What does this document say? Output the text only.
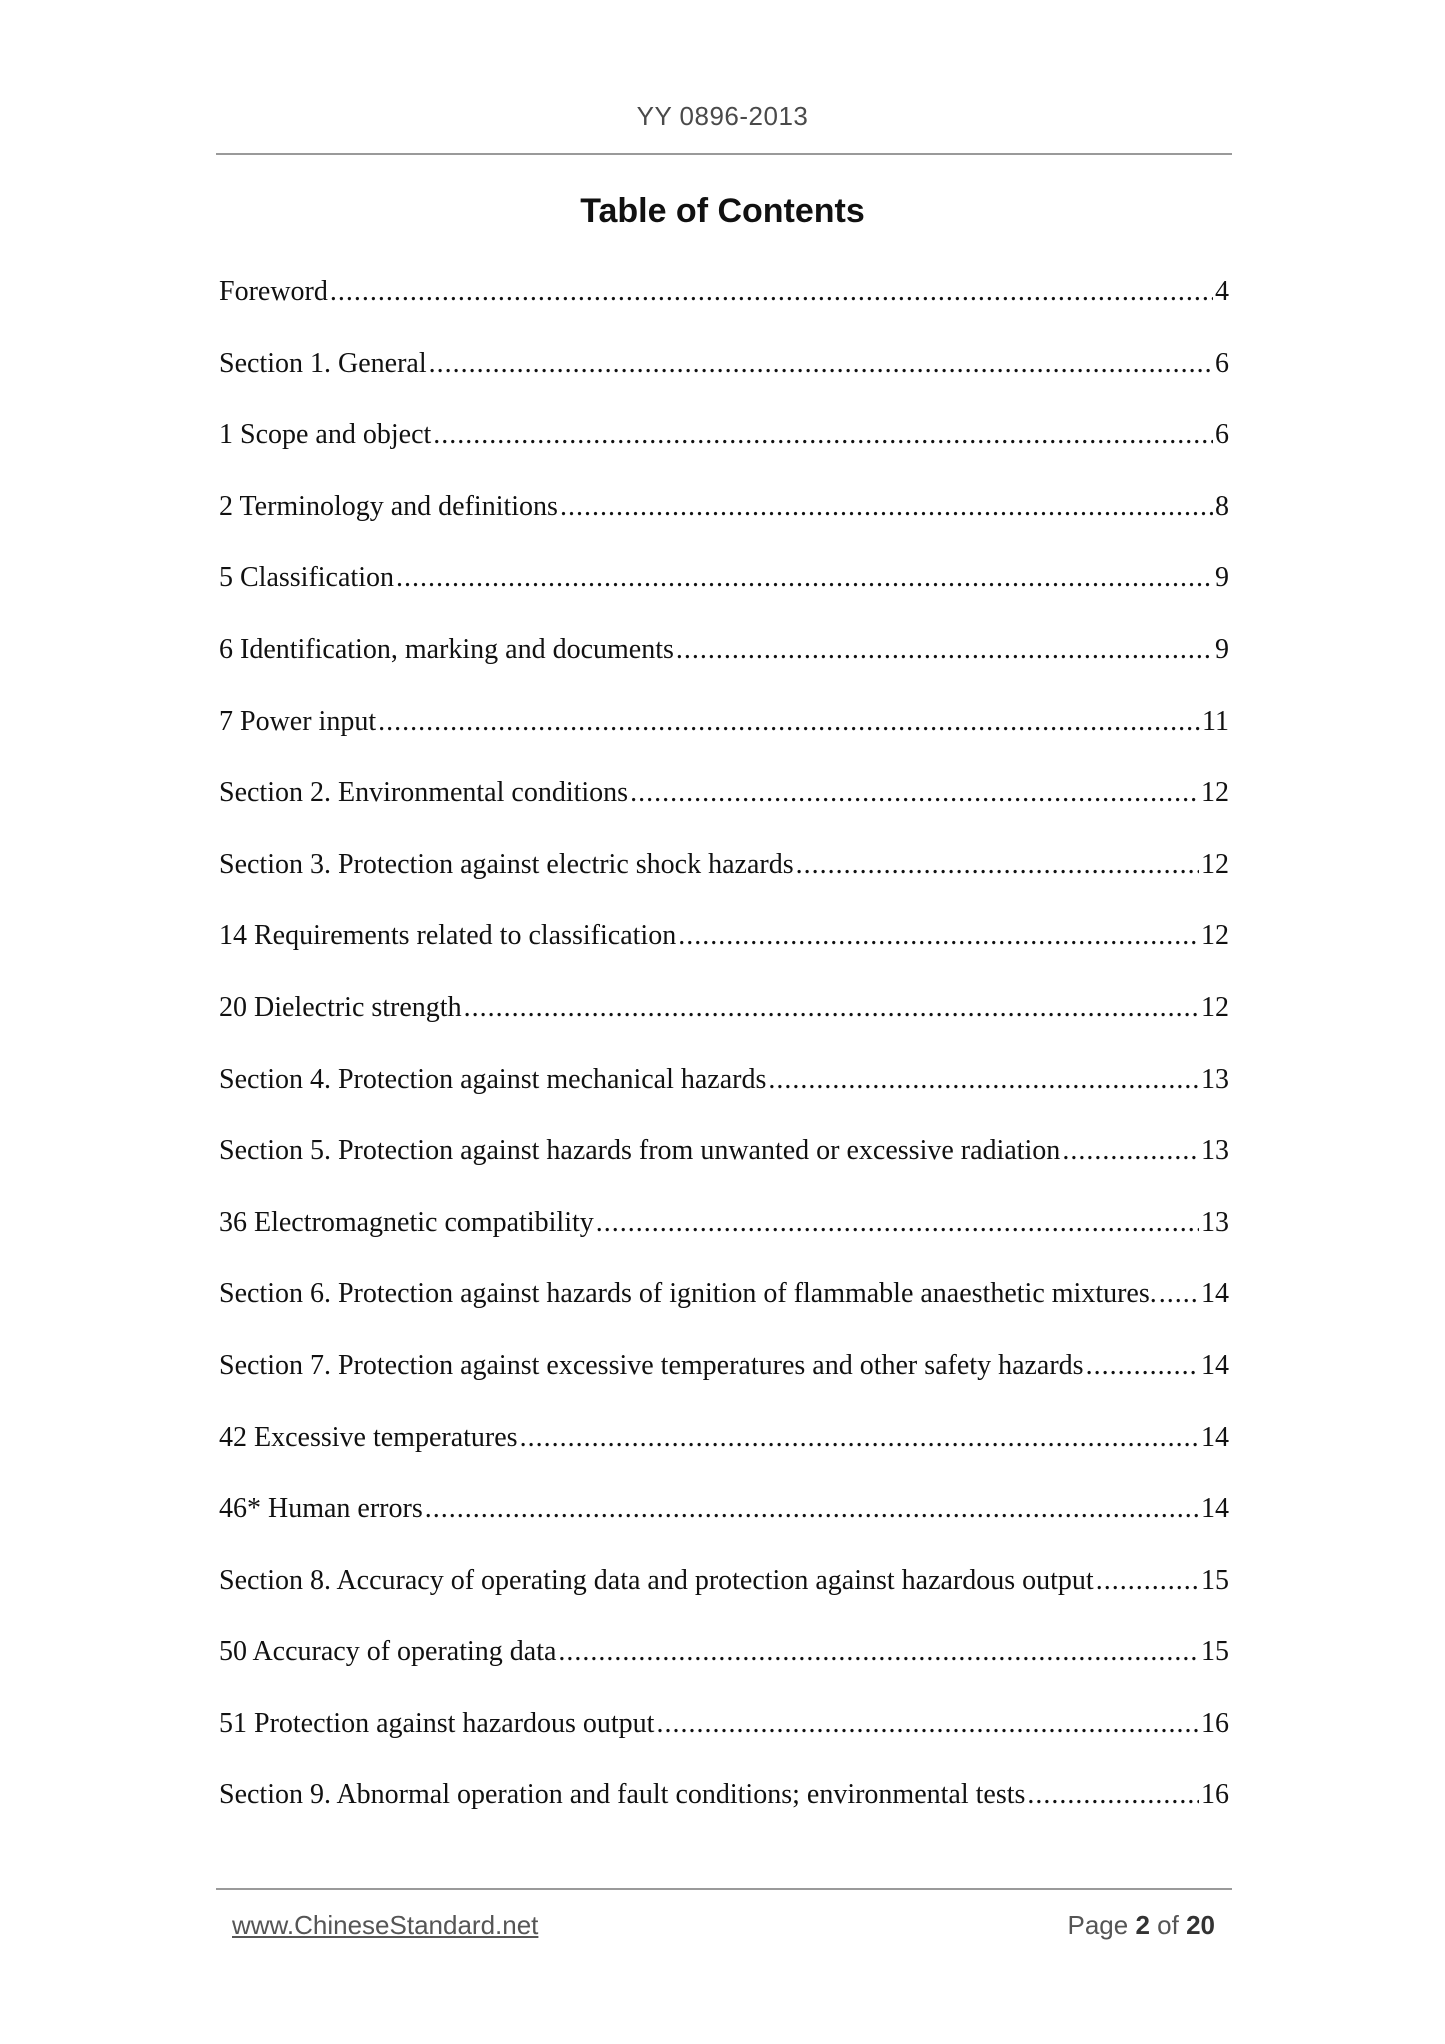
YY 0896-2013
Table of Contents
Foreword .....	4
Section 1. General .....	6
1 Scope and object .....	6
2 Terminology and definitions .....	8
5 Classification .....	9
6 Identification, marking and documents .....	9
7 Power input .....	11
Section 2. Environmental conditions .....	12
Section 3. Protection against electric shock hazards .....	12
14 Requirements related to classification .....	12
20 Dielectric strength .....	12
Section 4. Protection against mechanical hazards .....	13
Section 5. Protection against hazards from unwanted or excessive radiation .....	13
36 Electromagnetic compatibility .....	13
Section 6. Protection against hazards of ignition of flammable anaesthetic mixtures. ..... 14
Section 7. Protection against excessive temperatures and other safety hazards .....	14
42 Excessive temperatures .....	14
46* Human errors .....	14
Section 8. Accuracy of operating data and protection against hazardous output .....	15
50 Accuracy of operating data .....	15
51 Protection against hazardous output .....	16
Section 9. Abnormal operation and fault conditions; environmental tests .....	16
www.ChineseStandard.net	Page 2 of 20
